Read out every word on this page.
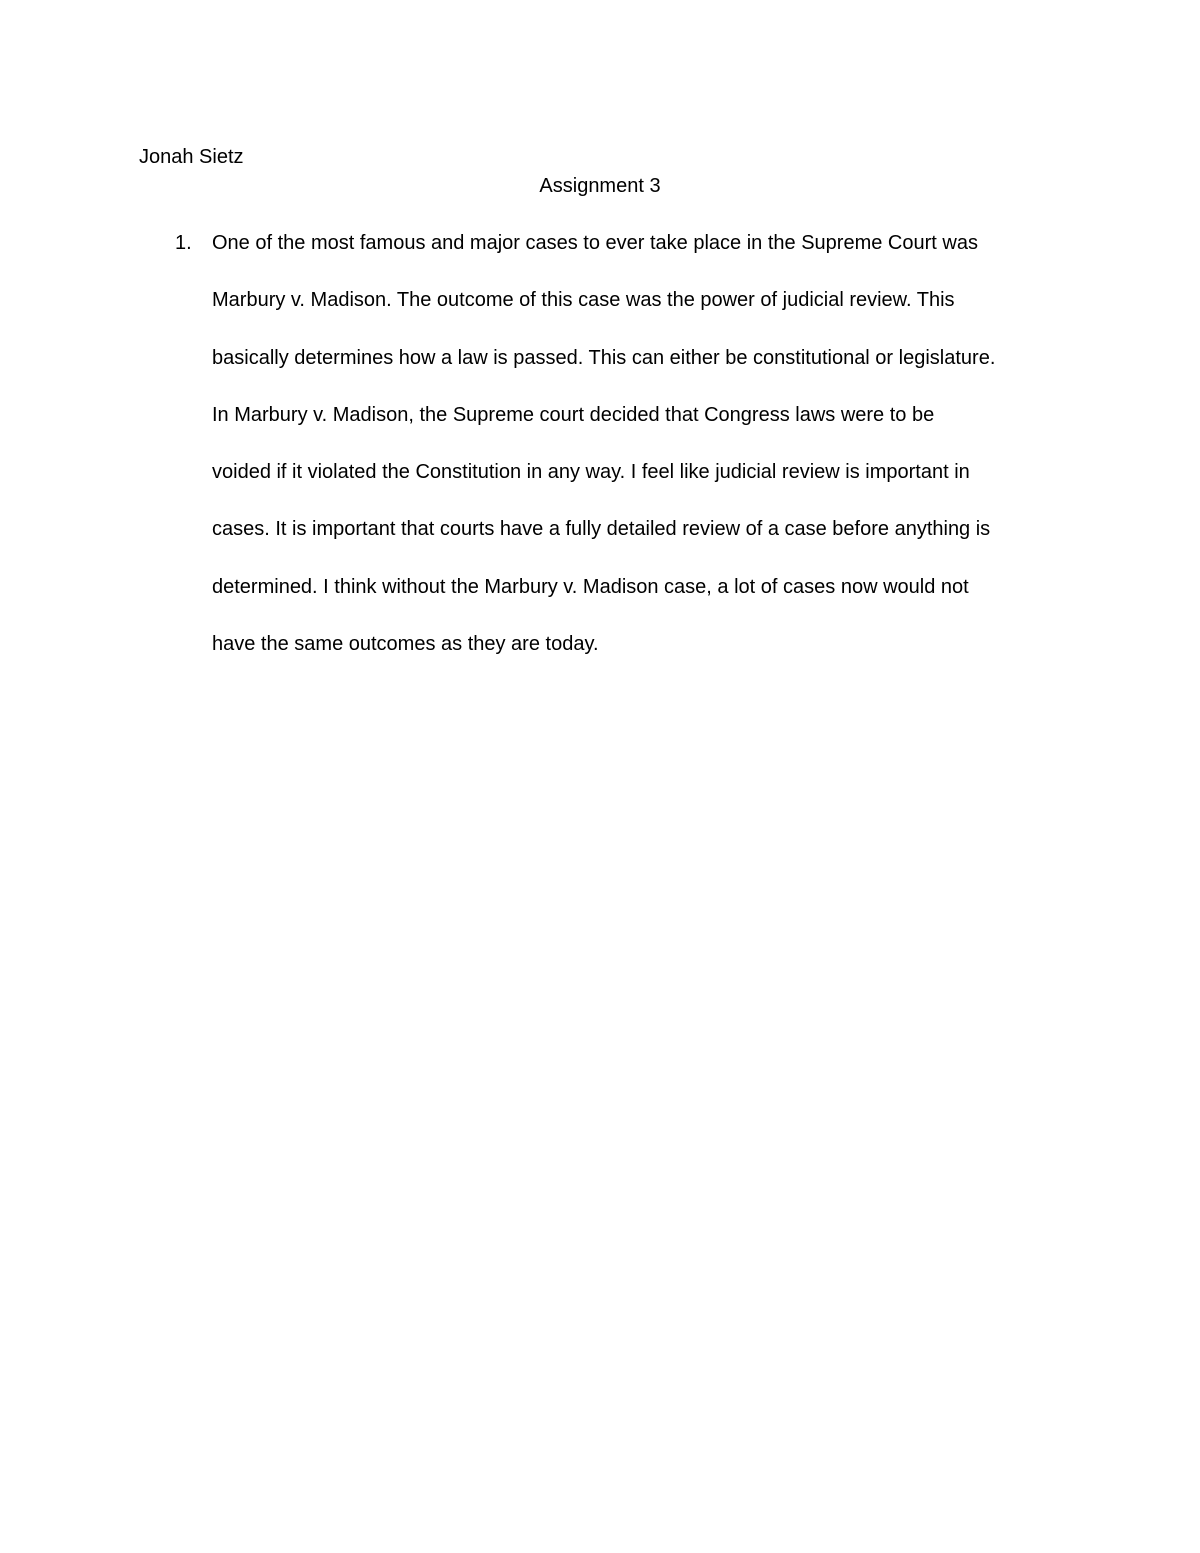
Jonah Sietz
Assignment 3
1. One of the most famous and major cases to ever take place in the Supreme Court was
Marbury v. Madison. The outcome of this case was the power of judicial review. This
basically determines how a law is passed. This can either be constitutional or legislature.
In Marbury v. Madison, the Supreme court decided that Congress laws were to be
voided if it violated the Constitution in any way. I feel like judicial review is important in
cases. It is important that courts have a fully detailed review of a case before anything is
determined. I think without the Marbury v. Madison case, a lot of cases now would not
have the same outcomes as they are today.
